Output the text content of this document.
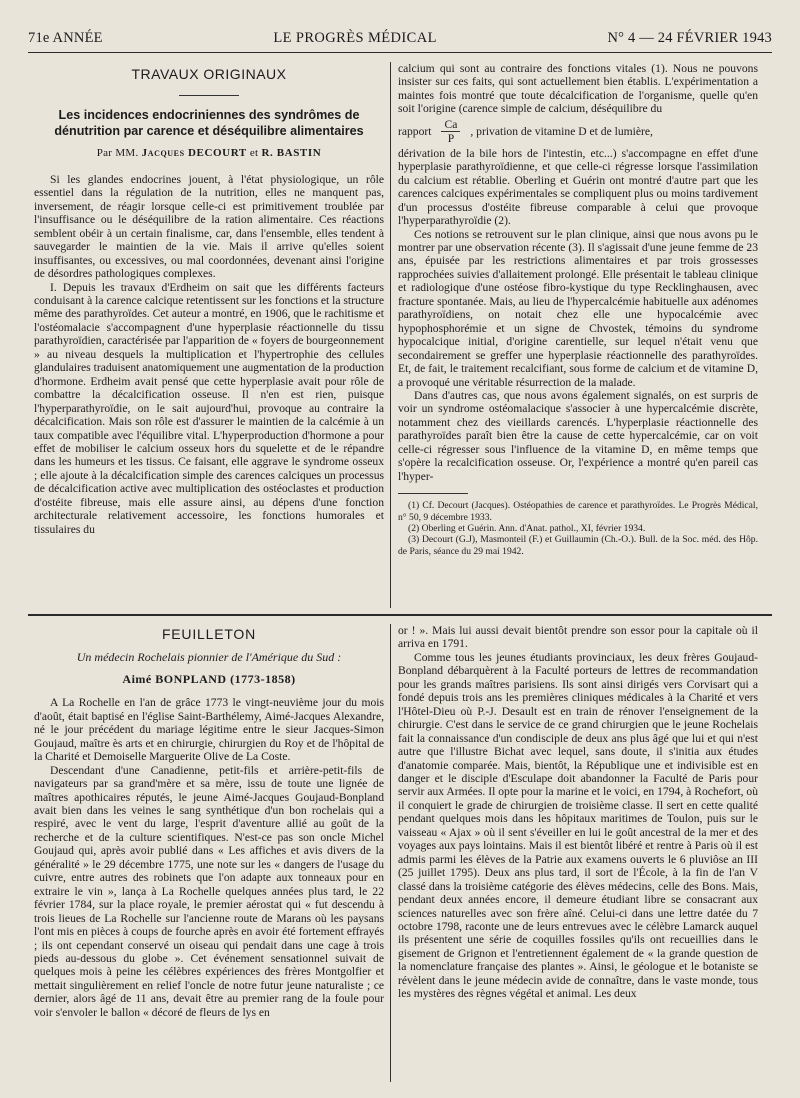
71e ANNÉE	LE PROGRÈS MÉDICAL	N° 4 — 24 FÉVRIER 1943
TRAVAUX ORIGINAUX
Les incidences endocriniennes des syndrômes de dénutrition par carence et déséquilibre alimentaires
Par MM. Jacques DECOURT et R. BASTIN

Si les glandes endocrines jouent, à l'état physiologique, un rôle essentiel dans la régulation de la nutrition, elles ne manquent pas, inversement, de réagir lorsque celle-ci est primitivement troublée par l'insuffisance ou le déséquilibre de la ration alimentaire. Ces réactions semblent obéir à un certain finalisme, car, dans l'ensemble, elles tendent à sauvegarder le maintien de la vie. Mais il arrive qu'elles soient insuffisantes, ou excessives, ou mal coordonnées, devenant ainsi l'origine de désordres pathologiques complexes.

I. Depuis les travaux d'Erdheim on sait que les différents facteurs conduisant à la carence calcique retentissent sur les fonctions et la structure même des parathyroïdes. Cet auteur a montré, en 1906, que le rachitisme et l'ostéomalacie s'accompagnent d'une hyperplasie réactionnelle du tissu parathyroïdien, caractérisée par l'apparition de « foyers de bourgeonnement » au niveau desquels la multiplication et l'hypertrophie des cellules glandulaires traduisent anatomiquement une augmentation de la production d'hormone. Erdheim avait pensé que cette hyperplasie avait pour rôle de combattre la décalcification osseuse. Il n'en est rien, puisque l'hyperparathyroïdie, on le sait aujourd'hui, provoque au contraire la décalcification. Mais son rôle est d'assurer le maintien de la calcémie à un taux compatible avec l'équilibre vital. L'hyperproduction d'hormone a pour effet de mobiliser le calcium osseux hors du squelette et de le répandre dans les humeurs et les tissus. Ce faisant, elle aggrave le syndrome osseux ; elle ajoute à la décalcification simple des carences calciques un processus de décalcification active avec multiplication des ostéoclastes et production d'ostéite fibreuse, mais elle assure ainsi, au dépens d'une fonction architecturale relativement accessoire, les fonctions humorales et tissulaires du

calcium qui sont au contraire des fonctions vitales (1). Nous ne pouvons insister sur ces faits, qui sont actuellement bien établis. L'expérimentation a maintes fois montré que toute décalcification de l'organisme, quelle qu'en soit l'origine (carence simple de calcium, déséquilibre du

rapport $\frac{Ca}{P}$ , privation de vitamine D et de lumière,

dérivation de la bile hors de l'intestin, etc...) s'accompagne en effet d'une hyperplasie parathyroïdienne, et que celle-ci régresse lorsque l'assimilation du calcium est rétablie. Oberling et Guérin ont montré d'autre part que les carences calciques expérimentales se compliquent plus ou moins tardivement d'un processus d'ostéite fibreuse comparable à celui que provoque l'hyperparathyroïdie (2).

Ces notions se retrouvent sur le plan clinique, ainsi que nous avons pu le montrer par une observation récente (3). Il s'agissait d'une jeune femme de 23 ans, épuisée par les restrictions alimentaires et par trois grossesses rapprochées suivies d'allaitement prolongé. Elle présentait le tableau clinique et radiologique d'une ostéose fibro-kystique du type Recklinghausen, avec fracture spontanée. Mais, au lieu de l'hypercalcémie habituelle aux adénomes parathyroïdiens, on notait chez elle une hypocalcémie avec hypophosphorémie et un signe de Chvostek, témoins du syndrome hypocalcique initial, d'origine carentielle, sur lequel n'était venu que secondairement se greffer une hyperplasie réactionnelle des parathyroïdes. Et, de fait, le traitement recalcifiant, sous forme de calcium et de vitamine D, a provoqué une véritable résurrection de la malade.

Dans d'autres cas, que nous avons également signalés, on est surpris de voir un syndrome ostéomalacique s'associer à une hypercalcémie discrète, notamment chez des vieillards carencés. L'hyperplasie réactionnelle des parathyroïdes paraît bien être la cause de cette hypercalcémie, car on voit celle-ci régresser sous l'influence de la vitamine D, en même temps que s'opère la recalcification osseuse. Or, l'expérience a montré qu'en pareil cas l'hyper-

(1) Cf. Decourt (Jacques). Ostéopathies de carence et parathyroïdes. Le Progrès Médical, n° 50, 9 décembre 1933.

(2) Oberling et Guérin. Ann. d'Anat. pathol., XI, février 1934.

(3) Decourt (G.J), Masmonteil (F.) et Guillaumin (Ch.-O.). Bull. de la Soc. méd. des Hôp. de Paris, séance du 29 mai 1942.

FEUILLETON
Un médecin Rochelais pionnier de l'Amérique du Sud :
Aimé BONPLAND (1773-1858)

A La Rochelle en l'an de grâce 1773 le vingt-neuvième jour du mois d'août, était baptisé en l'église Saint-Barthélemy, Aimé-Jacques Alexandre, né le jour précédent du mariage légitime entre le sieur Jacques-Simon Goujaud, maître ès arts et en chirurgie, chirurgien du Roy et de l'hôpital de la Charité et Demoiselle Marguerite Olive de La Coste.

Descendant d'une Canadienne, petit-fils et arrière-petit-fils de navigateurs par sa grand'mère et sa mère, issu de toute une lignée de maîtres apothicaires réputés, le jeune Aimé-Jacques Goujaud-Bonpland avait bien dans les veines le sang synthétique d'un bon rochelais qui a respiré, avec le vent du large, l'esprit d'aventure allié au goût de la recherche et de la culture scientifiques. N'est-ce pas son oncle Michel Goujaud qui, après avoir publié dans « Les affiches et avis divers de la généralité » le 29 décembre 1775, une note sur les « dangers de l'usage du cuivre, entre autres des robinets que l'on adapte aux tonneaux pour en extraire le vin », lança à La Rochelle quelques années plus tard, le 22 février 1784, sur la place royale, le premier aérostat qui « fut descendu à trois lieues de La Rochelle sur l'ancienne route de Marans où les paysans l'ont mis en pièces à coups de fourche après en avoir été fortement effrayés ; ils ont cependant conservé un oiseau qui pendait dans une cage à trois pieds au-dessous du globe ». Cet événement sensationnel suivait de quelques mois à peine les célèbres expériences des frères Montgolfier et mettait singulièrement en relief l'oncle de notre futur jeune naturaliste ; ce dernier, alors âgé de 11 ans, devait être au premier rang de la foule pour voir s'envoler le ballon « décoré de fleurs de lys en

or ! ». Mais lui aussi devait bientôt prendre son essor pour la capitale où il arriva en 1791.

Comme tous les jeunes étudiants provinciaux, les deux frères Goujaud-Bonpland débarquèrent à la Faculté porteurs de lettres de recommandation pour les grands maîtres parisiens. Ils sont ainsi dirigés vers Corvisart qui a fondé depuis trois ans les premières cliniques médicales à la Charité et vers l'Hôtel-Dieu où P.-J. Desault est en train de rénover l'enseignement de la chirurgie. C'est dans le service de ce grand chirurgien que le jeune Rochelais fait la connaissance d'un condisciple de deux ans plus âgé que lui et qui n'est autre que l'illustre Bichat avec lequel, sans doute, il s'initia aux études d'anatomie comparée. Mais, bientôt, la République une et indivisible est en danger et le disciple d'Esculape doit abandonner la Faculté de Paris pour servir aux Armées. Il opte pour la marine et le voici, en 1794, à Rochefort, où il conquiert le grade de chirurgien de troisième classe. Il sert en cette qualité pendant quelques mois dans les hôpitaux maritimes de Toulon, puis sur le vaisseau « Ajax » où il sent s'éveiller en lui le goût ancestral de la mer et des voyages aux pays lointains. Mais il est bientôt libéré et rentre à Paris où il est admis parmi les élèves de la Patrie aux examens ouverts le 6 pluviôse an III (25 juillet 1795). Deux ans plus tard, il sort de l'École, à la fin de l'an V classé dans la troisième catégorie des élèves médecins, celle des Bons. Mais, pendant deux années encore, il demeure étudiant libre se consacrant aux sciences naturelles avec son frère aîné. Celui-ci dans une lettre datée du 7 octobre 1798, raconte une de leurs entrevues avec le célèbre Lamarck auquel ils présentent une série de coquilles fossiles qu'ils ont recueillies dans le gisement de Grignon et l'entretiennent également de « la grande question de la nomenclature française des plantes ». Ainsi, le géologue et le botaniste se révèlent dans le jeune médecin avide de connaître, dans le vaste monde, tous les mystères des règnes végétal et animal. Les deux
